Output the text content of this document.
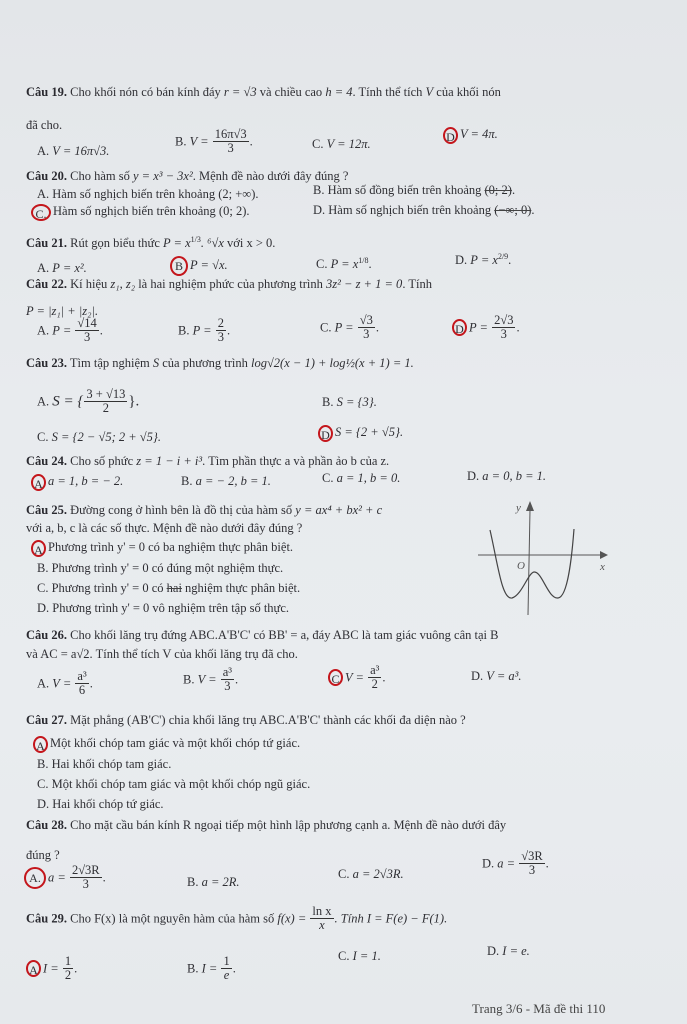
Câu 19. Cho khối nón có bán kính đáy r = √3 và chiều cao h = 4. Tính thể tích V của khối nón
đã cho.
A. V = 16π√3.
B. $V = \frac{16\pi√3}{3}$ .	C. V = 12π.
D V = 4π.
Câu 20. Cho hàm số y = x³ − 3x². Mệnh đề nào dưới đây đúng ?
A. Hàm số nghịch biến trên khoảng (2; +∞).	B. Hàm số đồng biến trên khoảng (0; 2).
C. Hàm số nghịch biến trên khoảng (0; 2).	D. Hàm số nghịch biến trên khoảng (−∞; 0).
Câu 21. Rút gọn biểu thức $P = x^{1/3}$. ⁶√x với x > 0.
A. P = x².	B P = √x.	C. $P = x^{1/8}$.	D. $P = x^{2/9}$.
Câu 22. Kí hiệu z₁, z₂ là hai nghiệm phức của phương trình 3z² − z + 1 = 0. Tính
P = |z₁| + |z₂|.
A. $P = \frac{√14}{3}$ .	B. $P = \frac{2}{3}$ .	C. $P = \frac{√3}{3}$ .	D $P = \frac{2√3}{3}$ .
Câu 23. Tìm tập nghiệm S của phương trình log√2(x − 1) + log½(x + 1) = 1.
A. S = { $\frac{3 + √13}{2}$ }.	B. S = {3}.
C. S = {2 − √5; 2 + √5}.	D S = {2 + √5}.
Câu 24. Cho số phức z = 1 − i + i³. Tìm phần thực a và phần ảo b của z.
A a = 1, b = − 2.	B. a = − 2, b = 1.	C. a = 1, b = 0.	D. a = 0, b = 1.
Câu 25. Đường cong ở hình bên là đồ thị của hàm số y = ax⁴ + bx² + c
với a, b, c là các số thực. Mệnh đề nào dưới đây đúng ?
A Phương trình y' = 0 có ba nghiệm thực phân biệt.
B. Phương trình y' = 0 có đúng một nghiệm thực.
C. Phương trình y' = 0 có hai nghiệm thực phân biệt.
D. Phương trình y' = 0 vô nghiệm trên tập số thực.
y
x
O
Câu 26. Cho khối lăng trụ đứng ABC.A'B'C' có BB' = a, đáy ABC là tam giác vuông cân tại B
và AC = a√2. Tính thể tích V của khối lăng trụ đã cho.
A. $V = \frac{\text{a³}}{6}$ .	B. $V = \frac{\text{a³}}{3}$ .	C $V = \frac{\text{a³}}{2}$ .	D. V = a³.
Câu 27. Mặt phẳng (AB'C') chia khối lăng trụ ABC.A'B'C' thành các khối đa diện nào ?
A Một khối chóp tam giác và một khối chóp tứ giác.
B. Hai khối chóp tam giác.
C. Một khối chóp tam giác và một khối chóp ngũ giác.
D. Hai khối chóp tứ giác.
Câu 28. Cho mặt cầu bán kính R ngoại tiếp một hình lập phương cạnh a. Mệnh đề nào dưới đây
đúng ?
A. $a = \frac{2√3R}{3}$ .	B. a = 2R.
C. a = 2√3R.
D. $a = \frac{√3R}{3}$ .
Câu 29. Cho F(x) là một nguyên hàm của hàm số $f(x) = \frac{\text{ln x}}{x}$ . Tính I = F(e) − F(1).
A $I = \frac{1}{2}$ .	B. $I = \frac{1}{e}$ .
C. I = 1.	D. I = e.
Trang 3/6 - Mã đề thi 110
